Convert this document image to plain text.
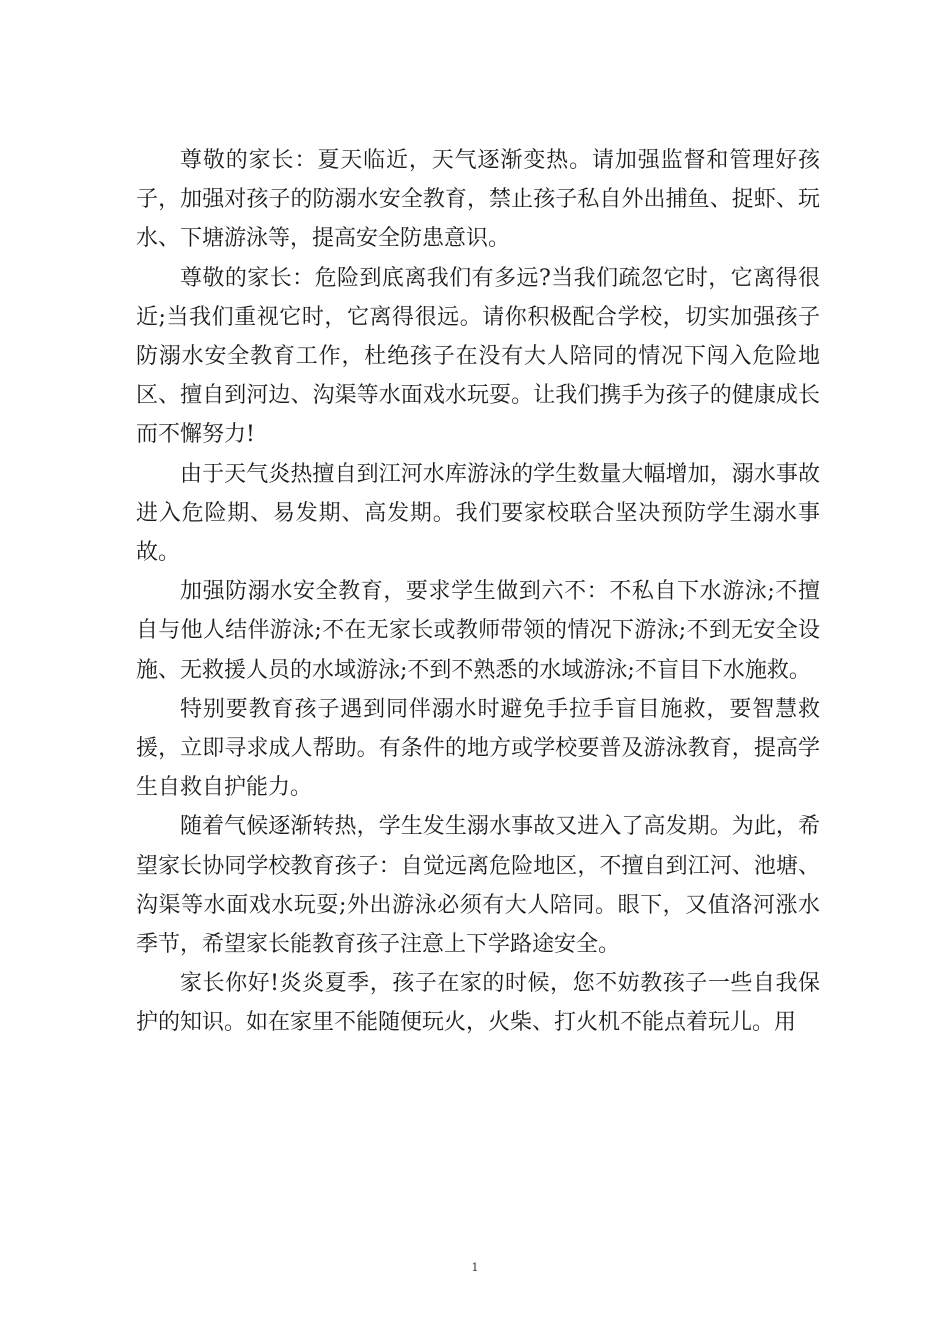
尊敬的家长：夏天临近，天气逐渐变热。请加强监督和管理好孩子，加强对孩子的防溺水安全教育，禁止孩子私自外出捕鱼、捉虾、玩水、下塘游泳等，提高安全防患意识。

尊敬的家长：危险到底离我们有多远?当我们疏忽它时，它离得很近;当我们重视它时，它离得很远。请你积极配合学校，切实加强孩子防溺水安全教育工作，杜绝孩子在没有大人陪同的情况下闯入危险地区、擅自到河边、沟渠等水面戏水玩耍。让我们携手为孩子的健康成长而不懈努力!

由于天气炎热擅自到江河水库游泳的学生数量大幅增加，溺水事故进入危险期、易发期、高发期。我们要家校联合坚决预防学生溺水事故。

加强防溺水安全教育，要求学生做到六不：不私自下水游泳;不擅自与他人结伴游泳;不在无家长或教师带领的情况下游泳;不到无安全设施、无救援人员的水域游泳;不到不熟悉的水域游泳;不盲目下水施救。

特别要教育孩子遇到同伴溺水时避免手拉手盲目施救，要智慧救援，立即寻求成人帮助。有条件的地方或学校要普及游泳教育，提高学生自救自护能力。

随着气候逐渐转热，学生发生溺水事故又进入了高发期。为此，希望家长协同学校教育孩子：自觉远离危险地区，不擅自到江河、池塘、沟渠等水面戏水玩耍;外出游泳必须有大人陪同。眼下，又值洛河涨水季节，希望家长能教育孩子注意上下学路途安全。

家长你好!炎炎夏季，孩子在家的时候，您不妨教孩子一些自我保护的知识。如在家里不能随便玩火，火柴、打火机不能点着玩儿。用

1
